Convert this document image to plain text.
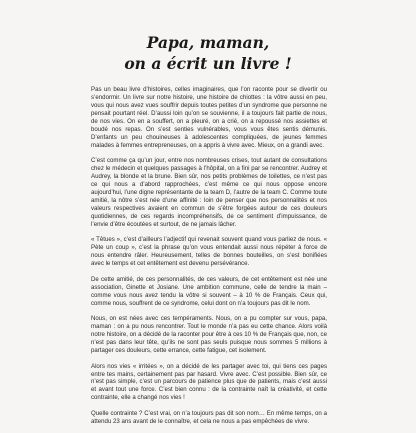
Papa, maman,
on a écrit un livre !

Pas un beau livre d’histoires, celles imaginaires, que l’on raconte pour se divertir ou s’endormir. Un livre sur notre histoire, une histoire de chiottes : la vôtre aussi en peu, vous qui nous avez vues souffrir depuis toutes petites d’un syndrome que personne ne pensait pourtant réel. D’aussi loin qu’on se souvienne, il a toujours fait partie de nous, de nos vies. On en a souffert, on a pleuré, on a crié, on a repoussé nos assiettes et boudé nos repas. On s’est senties vulnérables, vous vous êtes sentis démunis. D’enfants un peu chouineuses à adolescentes compliquées, de jeunes femmes malades à femmes entrepreneuses, on a appris à vivre avec. Mieux, on a grandi avec.

C’est comme ça qu’un jour, entre nos nombreuses crises, tout autant de consultations chez le médecin et quelques passages à l’hôpital, on a fini par se rencontrer. Audrey et Audrey, la blonde et la brune. Bien sûr, nos petits problèmes de toilettes, ce n’est pas ce qui nous a d’abord rapprochées, c’est même ce qui nous oppose encore aujourd’hui, l’une digne représentante de la team D, l’autre de la team C. Comme toute amitié, la nôtre s’est née d’une affinité : loin de penser que nos personnalités et nos valeurs respectives avaient en commun de s’être forgées autour de ces douleurs quotidiennes, de ces regards incompréhensifs, de ce sentiment d’impuissance, de l’envie d’être écoutées et surtout, de ne jamais lâcher.

« Têtues », c’est d’ailleurs l’adjectif qui revenait souvent quand vous parliez de nous. « Pète un coup », c’est la phrase qu’on vous entendait aussi nous répéter à force de nous entendre râler. Heureusement, telles de bonnes bouteilles, on s’est bonifiées avec le temps et cet entêtement est devenu persévérance.

De cette amitié, de ces personnalités, de ces valeurs, de cet entêtement est née une association, Ginette et Josiane. Une ambition commune, celle de tendre la main – comme vous nous avez tendu la vôtre si souvent – à 10 % de Français. Ceux qui, comme nous, souffrent de ce syndrome, celui dont on n’a toujours pas dit le nom.

Nous, on est nées avec ces tempéraments. Nous, on a pu compter sur vous, papa, maman : on a pu nous rencontrer. Tout le monde n’a pas eu cette chance. Alors voilà notre histoire, on a décidé de la raconter pour être à ces 10 % de Français que, non, ce n’est pas dans leur tête, qu’ils ne sont pas seuls puisque nous sommes 5 millions à partager ces douleurs, cette errance, cette fatigue, cet isolement.

Alors nos vies « irritées », on a décidé de les partager avec toi, qui tiens ces pages entre tes mains, certainement pas par hasard. Vivre avec. C’est possible. Bien sûr, ce n’est pas simple, c’est un parcours de patience plus que de patients, mais c’est aussi et avant tout une force. C’est bien connu : de la contrainte naît la créativité, et cette contrainte, elle a changé nos vies !

Quelle contrainte ? C’est vrai, on n’a toujours pas dit son nom… En même temps, on a attendu 23 ans avant de le connaître, et cela ne nous a pas empêchées de vivre.
